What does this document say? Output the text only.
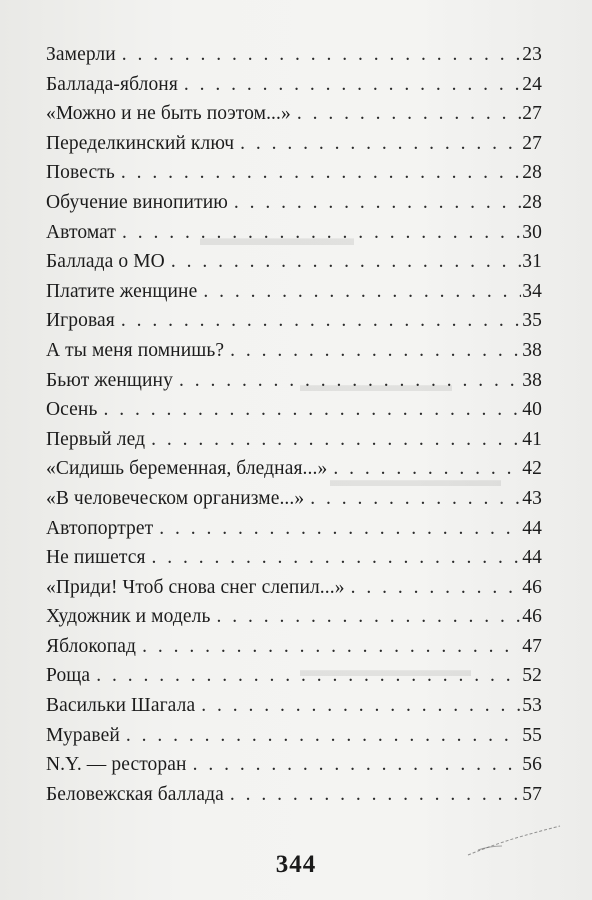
▬▬▬▬▬▬▬
▬▬▬▬▬▬▬▬
▬▬▬▬▬▬▬▬▬
▬▬▬▬▬▬▬▬▬
Замерли . . .	23
Баллада-яблоня . . .	24
«Можно и не быть поэтом...» . . .	27
Переделкинский ключ . . .	27
Повесть . . .	28
Обучение винопитию . . .	28
Автомат . . .	30
Баллада о МО . . .	31
Платите женщине . . .	34
Игровая . . .	35
А ты меня помнишь? . . .	38
Бьют женщину . . .	38
Осень . . .	40
Первый лед . . .	41
«Сидишь беременная, бледная...» . . .	42
«В человеческом организме...» . . .	43
Автопортрет . . .	44
Не пишется . . .	44
«Приди! Чтоб снова снег слепил...» . . .	46
Художник и модель . . .	46
Яблокопад . . .	47
Роща . . .	52
Васильки Шагала . . .	53
Муравей . . .	55
N.Y. — ресторан . . .	56
Беловежская баллада . . .	57
344
